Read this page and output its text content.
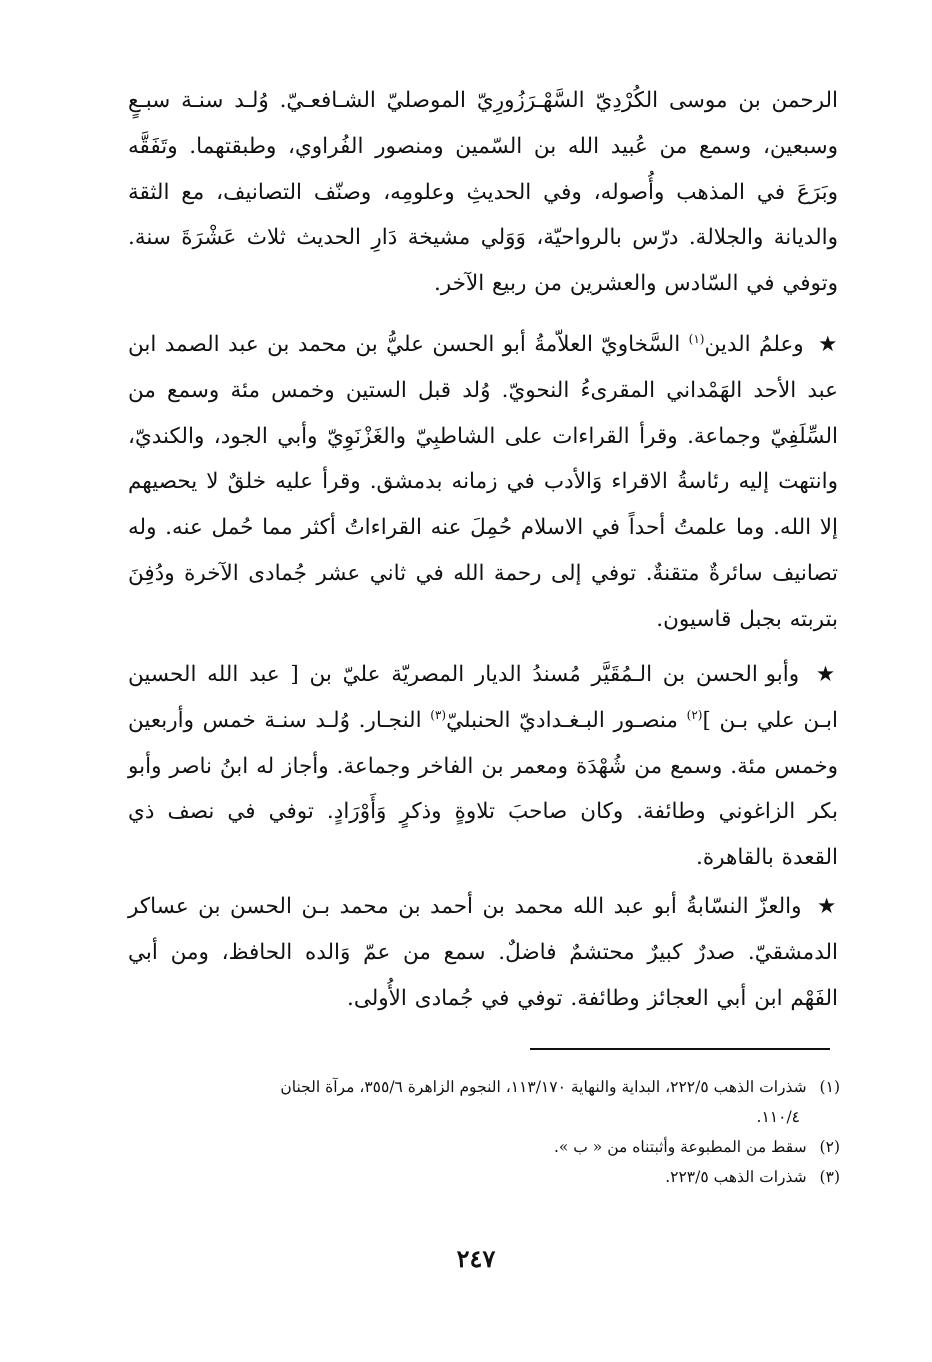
الرحمن بن موسى الكُرْدِيّ السَّهْـرَزُورِيّ الموصليّ الشـافعـيّ. وُلـد سنـة سبـعٍ وسبعين، وسمع من عُبيد الله بن السّمين ومنصور الفُراوي، وطبقتهما. وتَفَقَّه وبَرَعَ في المذهب وأُصوله، وفي الحديثِ وعلومِه، وصنّف التصانيف، مع الثقة والديانة والجلالة. درّس بالرواحيّة، وَوَلي مشيخة دَارِ الحديث ثلاث عَشْرَةَ سنة. وتوفي في السّادس والعشرين من ربيع الآخر.

★ وعلمُ الدين$^{(١)}$ السَّخاويّ العلاّمةُ أبو الحسن عليُّ بن محمد بن عبد الصمد ابن عبد الأحد الهَمْداني المقرىءُ النحويّ. وُلد قبل الستين وخمس مئة وسمع من السِّلَفِيّ وجماعة. وقرأ القراءات على الشاطبِيّ والغَزْنَوِيّ وأبي الجود، والكنديّ، وانتهت إليه رئاسةُ الاقراء وَالأدب في زمانه بدمشق. وقرأ عليه خلقٌ لا يحصيهم إلا الله. وما علمتُ أحداً في الاسلام حُمِلَ عنه القراءاتُ أكثر مما حُمل عنه. وله تصانيف سائرةٌ متقنةٌ. توفي إلى رحمة الله في ثاني عشر جُمادى الآخرة ودُفِنَ بتربته بجبل قاسيون.

★ وأبو الحسن بن الـمُقَيَّر مُسندُ الديار المصريّة عليّ بن [ عبد الله الحسين ابـن علي بـن ]$^{(٢)}$ منصـور البـغـداديّ الحنبليّ$^{(٣)}$ النجـار. وُلـد سنـة خمس وأربعين وخمس مئة. وسمع من شُهْدَة ومعمر بن الفاخر وجماعة. وأجاز له ابنُ ناصر وأبو بكر الزاغوني وطائفة. وكان صاحبَ تلاوةٍ وذكرٍ وَأَوْرَادٍ. توفي في نصف ذي القعدة بالقاهرة.

★ والعزّ النسّابةُ أبو عبد الله محمد بن أحمد بن محمد بـن الحسن بن عساكر الدمشقيّ. صدرٌ كبيرٌ محتشمٌ فاضلٌ. سمع من عمّ وَالده الحافظ، ومن أبي الفَهْم ابن أبي العجائز وطائفة. توفي في جُمادى الأُولى.

(١) شذرات الذهب ٢٢٢/٥، البداية والنهاية ١١٣/١٧٠، النجوم الزاهرة ٣٥٥/٦، مرآة الجنان

١١٠/٤.

(٢) سقط من المطبوعة وأثبتناه من « ب ».

(٣) شذرات الذهب ٢٢٣/٥.

٢٤٧
